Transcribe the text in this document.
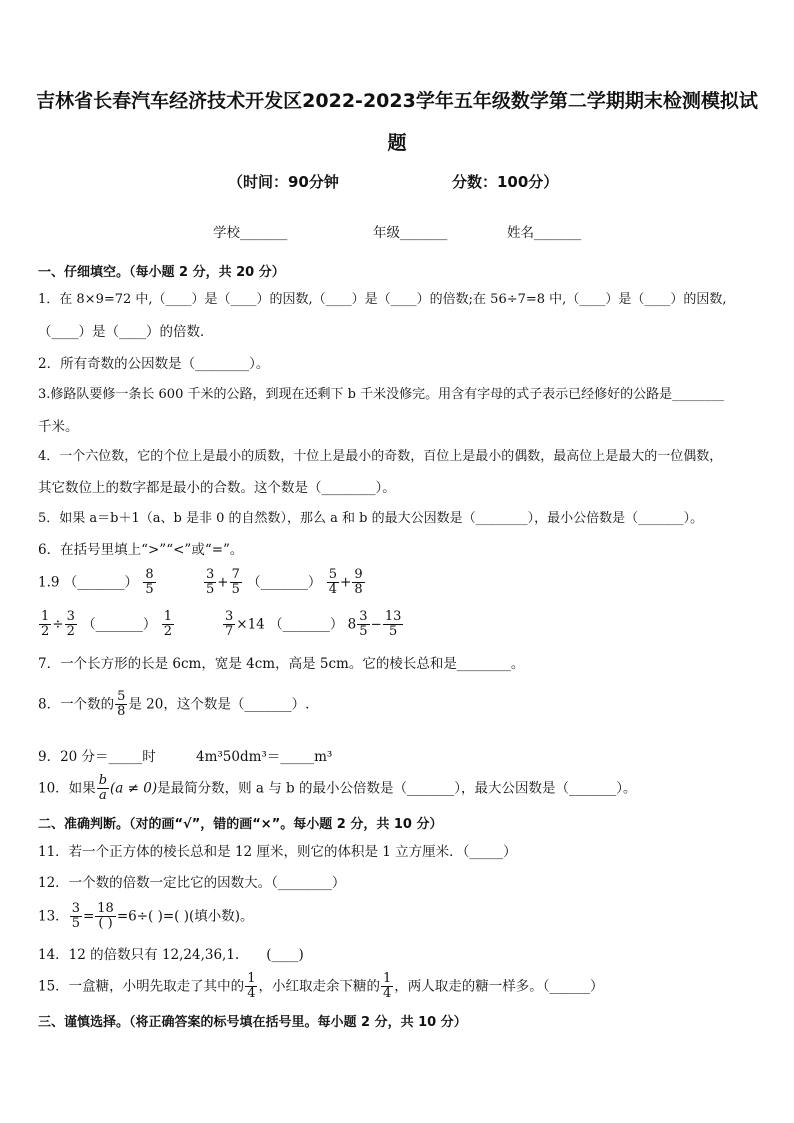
吉林省长春汽车经济技术开发区2022-2023学年五年级数学第二学期期末检测模拟试
题
（时间：90分钟	分数：100分）
学校_______	年级_______	姓名_______
一、仔细填空。（每小题 2 分，共 20 分）
1．在 8×9=72 中,（____）是（____）的因数,（____）是（____）的倍数;在 56÷7=8 中,（____）是（____）的因数,
（____）是（____）的倍数．
2．所有奇数的公因数是（________）。
3.修路队要修一条长 600 千米的公路，到现在还剩下 b 千米没修完。用含有字母的式子表示已经修好的公路是________
千米。
4．一个六位数，它的个位上是最小的质数，十位上是最小的奇数，百位上是最小的偶数，最高位上是最大的一位偶数，
其它数位上的数字都是最小的合数。这个数是（________）。
5．如果 a＝b＋1（a、b 是非 0 的自然数），那么 a 和 b 的最大公因数是（________），最小公倍数是（_______）。
6．在括号里填上“>”“<”或“=”。
1.9 （_______） $\frac{8}{5}$	$\frac{3}{5} + \frac{7}{5}$ （_______） $\frac{5}{4} + \frac{9}{8}$
$\frac{1}{2} \div \frac{3}{2}$ （_______） $\frac{1}{2}$	$\frac{3}{7} \times 14$ （_______） $8 \frac{3}{5} - \frac{13}{5}$
7．一个长方形的长是 6cm，宽是 4cm，高是 5cm。它的棱长总和是________。
8．一个数的 $\frac{5}{8}$ 是 20，这个数是（_______）.
9．20 分＝_____时	4m³50dm³＝_____m³
10．如果 $\frac{b}{a} (a \ne 0)$是最简分数，则 a 与 b 的最小公倍数是（_______），最大公因数是（_______）。
二、准确判断。（对的画“√”，错的画“×”。每小题 2 分，共 10 分）
11．若一个正方体的棱长总和是 12 厘米，则它的体积是 1 立方厘米．（_____）
12．一个数的倍数一定比它的因数大。（________）
13． $\frac{3}{5} = \frac{18}{( )} =6\div$( )=( )(填小数)。
14．12 的倍数只有 12,24,36,1.　　(____)
15．一盒糖，小明先取走了其中的 $\frac{1}{4}$ ，小红取走余下糖的 $\frac{1}{4}$ ，两人取走的糖一样多。（______）
三、谨慎选择。（将正确答案的标号填在括号里。每小题 2 分，共 10 分）
